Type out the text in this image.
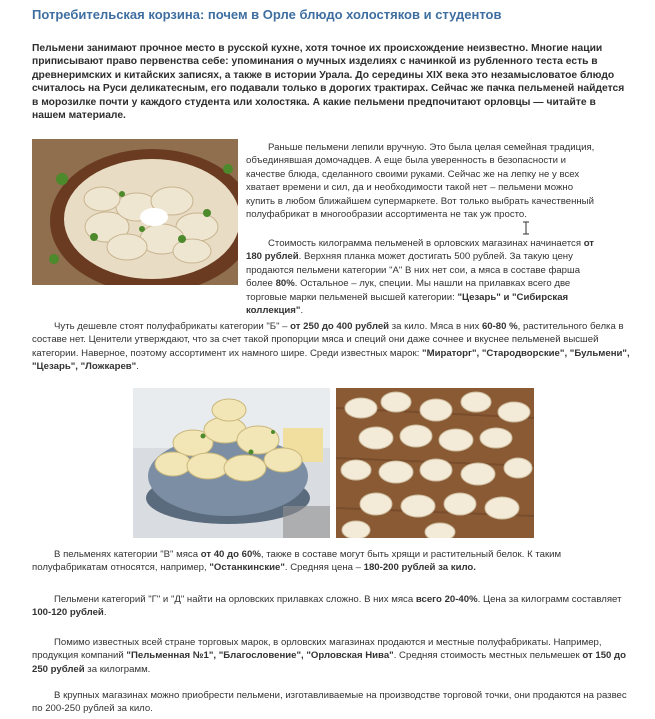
Потребительская корзина: почем в Орле блюдо холостяков и студентов

Пельмени занимают прочное место в русской кухне, хотя точное их происхождение неизвестно. Многие нации приписывают право первенства себе: упоминания о мучных изделиях с начинкой из рубленного теста есть в древнеримских и китайских записях, а также в истории Урала. До середины XIX века это незамысловатое блюдо считалось на Руси деликатесным, его подавали только в дорогих трактирах. Сейчас же пачка пельменей найдется в морозилке почти у каждого студента или холостяка. А какие пельмени предпочитают орловцы — читайте в нашем материале.

Раньше пельмени лепили вручную. Это была целая семейная традиция, объединявшая домочадцев. А еще была уверенность в безопасности и качестве блюда, сделанного своими руками. Сейчас же на лепку не у всех хватает времени и сил, да и необходимости такой нет – пельмени можно купить в любом ближайшем супермаркете. Вот только выбрать качественный полуфабрикат в многообразии ассортимента не так уж просто.

Стоимость килограмма пельменей в орловских магазинах начинается от 180 рублей. Верхняя планка может достигать 500 рублей. За такую цену продаются пельмени категории "А" В них нет сои, а мяса в составе фарша более 80%. Остальное – лук, специи. Мы нашли на прилавках всего две торговые марки пельменей высшей категории: "Цезарь" и "Сибирская коллекция".

Чуть дешевле стоят полуфабрикаты категории "Б" – от 250 до 400 рублей за кило. Мяса в них 60-80 %, растительного белка в составе нет. Ценители утверждают, что за счет такой пропорции мяса и специй они даже сочнее и вкуснее пельменей высшей категории. Наверное, поэтому ассортимент их намного шире. Среди известных марок: "Мираторг", "Стародворские", "Бульмени", "Цезарь", "Ложкарев".

В пельменях категории "В" мяса от 40 до 60%, также в составе могут быть хрящи и растительный белок. К таким полуфабрикатам относятся, например, "Останкинские". Средняя цена – 180-200 рублей за кило.

Пельмени категорий "Г" и "Д" найти на орловских прилавках сложно. В них мяса всего 20-40%. Цена за килограмм составляет 100-120 рублей.

Помимо известных всей стране торговых марок, в орловских магазинах продаются и местные полуфабрикаты. Например, продукция компаний "Пельменная №1", "Благословение", "Орловская Нива". Средняя стоимость местных пельмешек от 150 до 250 рублей за килограмм.

В крупных магазинах можно приобрести пельмени, изготавливаемые на производстве торговой точки, они продаются на развес по 200-250 рублей за кило.
